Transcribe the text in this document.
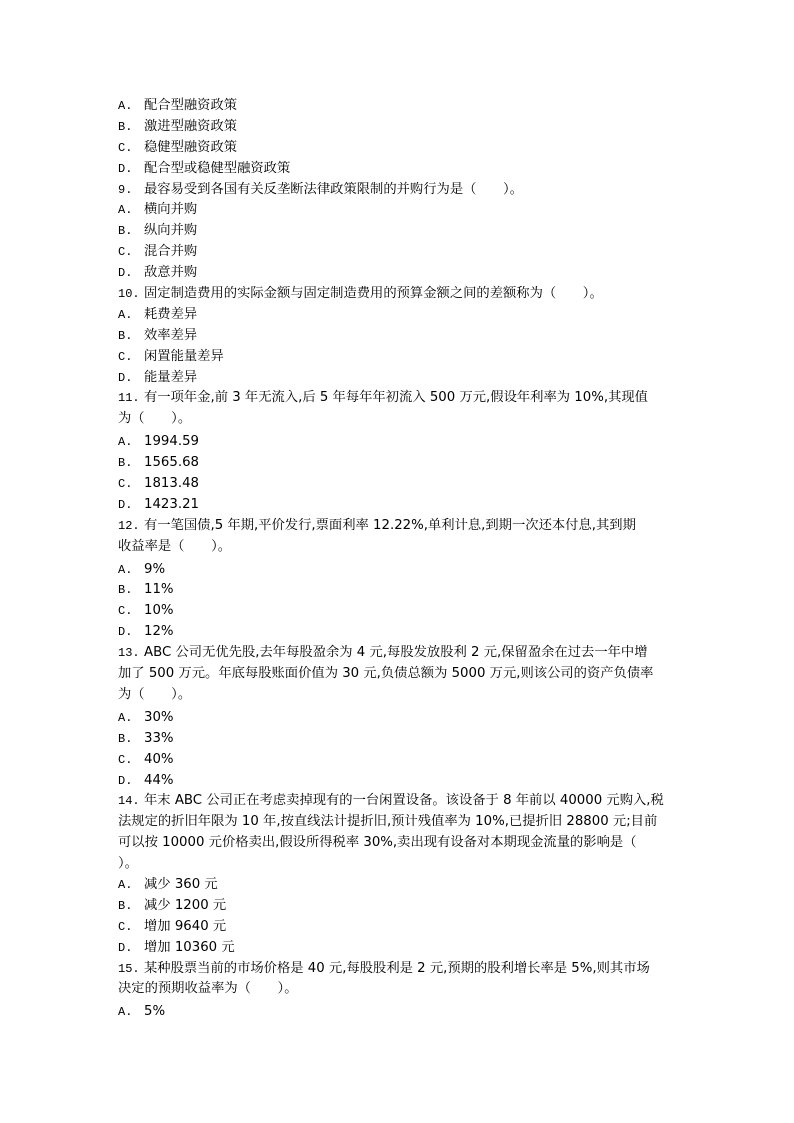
A. 配合型融资政策
B. 激进型融资政策
C. 稳健型融资政策
D. 配合型或稳健型融资政策
9. 最容易受到各国有关反垄断法律政策限制的并购行为是（　　）。
A. 横向并购
B. 纵向并购
C. 混合并购
D. 敌意并购
10. 固定制造费用的实际金额与固定制造费用的预算金额之间的差额称为（　　）。
A. 耗费差异
B. 效率差异
C. 闲置能量差异
D. 能量差异
11. 有一项年金,前 3 年无流入,后 5 年每年年初流入 500 万元,假设年利率为 10%,其现值
为（　　）。
A. 1994.59
B. 1565.68
C. 1813.48
D. 1423.21
12. 有一笔国债,5 年期,平价发行,票面利率 12.22%,单利计息,到期一次还本付息,其到期
收益率是（　　）。
A. 9%
B. 11%
C. 10%
D. 12%
13. ABC 公司无优先股,去年每股盈余为 4 元,每股发放股利 2 元,保留盈余在过去一年中增
加了 500 万元。年底每股账面价值为 30 元,负债总额为 5000 万元,则该公司的资产负债率
为（　　）。
A. 30%
B. 33%
C. 40%
D. 44%
14. 年末 ABC 公司正在考虑卖掉现有的一台闲置设备。该设备于 8 年前以 40000 元购入,税
法规定的折旧年限为 10 年,按直线法计提折旧,预计残值率为 10%,已提折旧 28800 元;目前
可以按 10000 元价格卖出,假设所得税率 30%,卖出现有设备对本期现金流量的影响是（
）。
A. 减少 360 元
B. 减少 1200 元
C. 增加 9640 元
D. 增加 10360 元
15. 某种股票当前的市场价格是 40 元,每股股利是 2 元,预期的股利增长率是 5%,则其市场
决定的预期收益率为（　　）。
A. 5%
